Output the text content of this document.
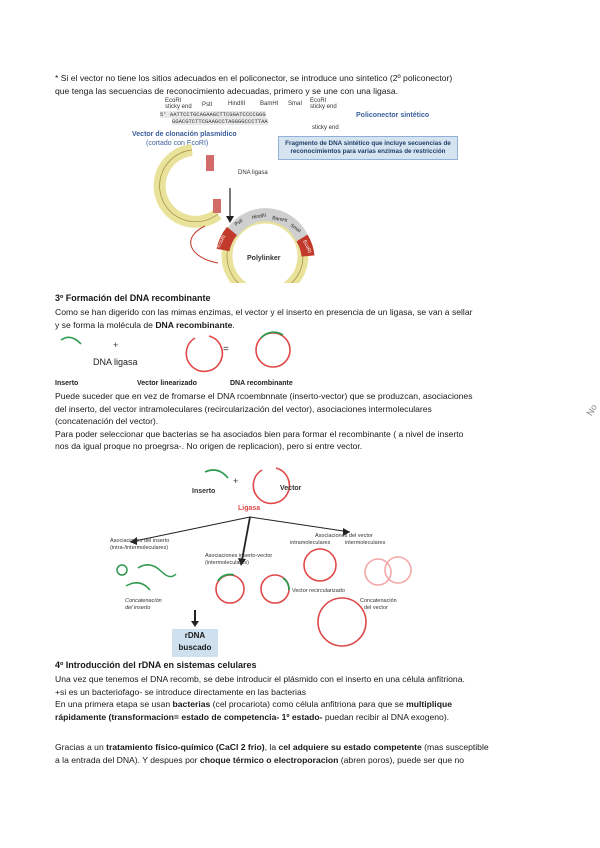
* Si el vector no tiene los sitios adecuados en el policonector, se introduce uno sintetico (2º policonector)
que tenga las secuencias de reconocimiento adecuadas, primero y se une con una ligasa.
EcoRI
sticky end PstI	HindIII BamHI SmaI EcoRI
sticky end
5' AATTCCTGCAGAAGCTTCGGATCCCCGGG
GGACGTCTTCGAAGCCTAGGGGCCCTTAA
sticky end
Policonector sintético
Vector de clonación plasmídico
(cortado con EcoRI)	Fragmento de DNA sintético que incluye secuencias de reconocimientos para varias enzimas de restricción
DNA ligasa
Polylinker
EcoRI
PstI
HindIII BamHI
SmaI
EcoRI
3º Formación del DNA recombinante
Como se han digerido con las mimas enzimas, el vector y el inserto en presencia de un ligasa, se van a sellar
y se forma la molécula de DNA recombinante.
+	=
DNA ligasa
Inserto	Vector linearizado	DNA recombinante
Puede suceder que en vez de fromarse el DNA rcoembnnate (inserto-vector) que se produzcan, asociaciones
del inserto, del vector intramoleculares (recircularización del vector), asociaciones intermoleculares
(concatenación del vector).
Para poder seleccionar que bacterias se ha asociados bien para formar el recombinante ( a nivel de inserto
nos da igual proque no proegrsa-. No origen de replicacion), pero si entre vector.
Inserto
+
Vector
Ligasa
Asociaciones del inserto
(intra-/intermoleculares)
Asociaciones inserto-vector
(intermoleculares)
Asociaciones del vector
intramoleculares	intermoleculares
Concatenación
del inserto
Vector recircularizado
Concatenación
del vector
rDNA
buscado
4º Introducción del rDNA en sistemas celulares
Una vez que tenemos el DNA recomb, se debe introducir el plásmido con el inserto en una célula anfitriona.
+si es un bacteriofago- se introduce directamente en las bacterias
En una primera etapa se usan bacterias (cel procariota) como célula anfitriona para que se multiplique
rápidamente (transformacion= estado de competencia- 1º estado- puedan recibir al DNA exogeno).
Gracias a un tratamiento físico-químico (CaCl 2 frio), la cel adquiere su estado competente (mas susceptible
a la entrada del DNA). Y despues por choque térmico o electroporacion (abren poros), puede ser que no
No
